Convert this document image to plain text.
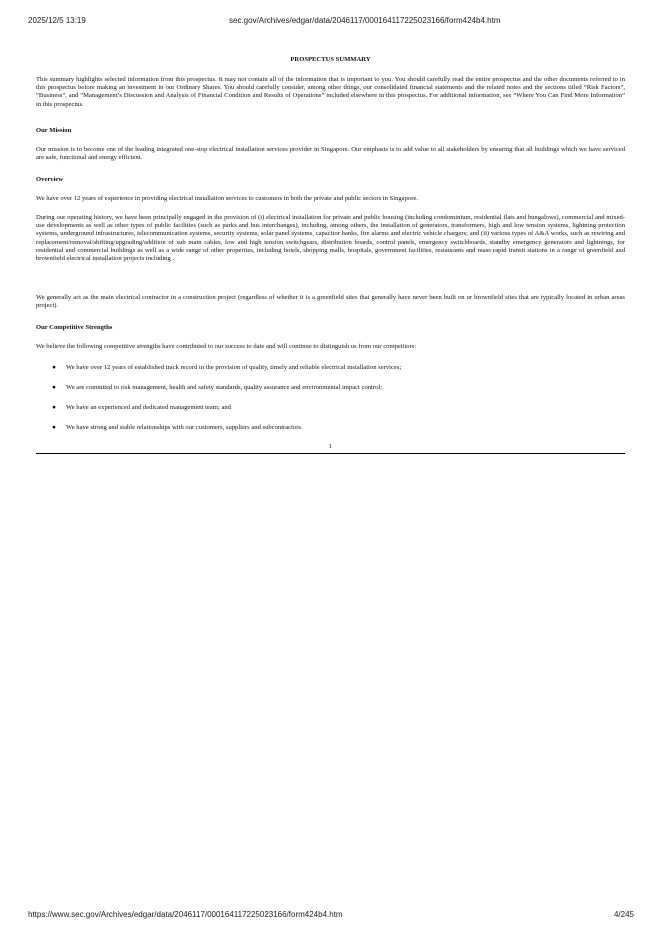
2025/12/5 13:19	sec.gov/Archives/edgar/data/2046117/000164117225023166/form424b4.htm
PROSPECTUS SUMMARY
This summary highlights selected information from this prospectus. It may not contain all of the information that is important to you. You should carefully read the entire prospectus and the other documents referred to in this prospectus before making an investment in our Ordinary Shares. You should carefully consider, among other things, our consolidated financial statements and the related notes and the sections titled “Risk Factors”, “Business”, and “Management’s Discussion and Analysis of Financial Condition and Results of Operations” included elsewhere in this prospectus. For additional information, see “Where You Can Find More Information” in this prospectus.
Our Mission
Our mission is to become one of the leading integrated one-stop electrical installation services provider in Singapore. Our emphasis is to add value to all stakeholders by ensuring that all buildings which we have serviced are safe, functional and energy efficient.
Overview
We have over 12 years of experience in providing electrical installation services to customers in both the private and public sectors in Singapore.
During our operating history, we have been principally engaged in the provision of (i) electrical installation for private and public housing (including condominium, residential flats and bungalows), commercial and mixed-use developments as well as other types of public facilities (such as parks and bus interchanges), including, among others, the installation of generators, transformers, high and low tension systems, lightning protection systems, underground infrastructures, telecommunication systems, security systems, solar panel systems, capacitor banks, fire alarms and electric vehicle chargers; and (ii) various types of A&A works, such as rewiring and replacement/removal/shifting/upgrading/addition of sub main cables, low and high tension switchgears, distribution boards, control panels, emergency switchboards, standby emergency generators and lightnings, for residential and commercial buildings as well as a wide range of other properties, including hotels, shopping malls, hospitals, government facilities, restaurants and mass rapid transit stations in a range of greenfield and brownfield electrical installation projects including .
We generally act as the main electrical contractor in a construction project (regardless of whether it is a greenfield sites that generally have never been built on or brownfield sites that are typically located in urban areas project).
Our Competitive Strengths
We believe the following competitive strengths have contributed to our success to date and will continue to distinguish us from our competitors:
● We have over 12 years of established track record in the provision of quality, timely and reliable electrical installation services;
● We are commited to risk management, health and safety standards, quality assurance and environmental impact control;
● We have an experienced and dedicated management team; and
● We have strong and stable relationships with our customers, suppliers and subcontractors.
1
https://www.sec.gov/Archives/edgar/data/2046117/000164117225023166/form424b4.htm	4/245
